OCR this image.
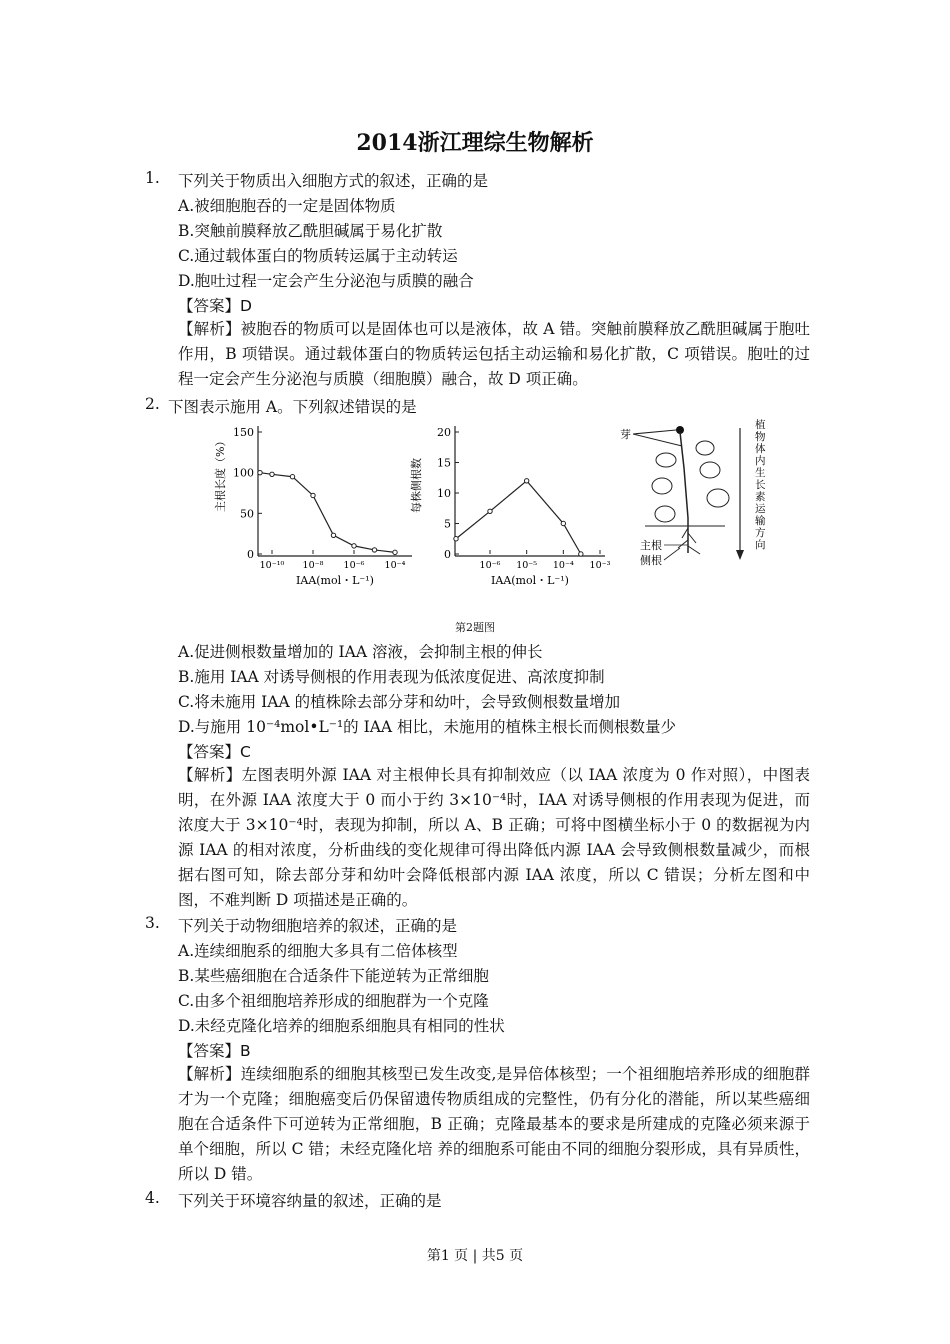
2014浙江理综生物解析
1. 下列关于物质出入细胞方式的叙述，正确的是
A.被细胞胞吞的一定是固体物质
B.突触前膜释放乙酰胆碱属于易化扩散
C.通过载体蛋白的物质转运属于主动转运
D.胞吐过程一定会产生分泌泡与质膜的融合
【答案】D
【解析】被胞吞的物质可以是固体也可以是液体，故 A 错。突触前膜释放乙酰胆碱属于胞吐作用，B 项错误。通过载体蛋白的物质转运包括主动运输和易化扩散，C 项错误。胞吐的过程一定会产生分泌泡与质膜（细胞膜）融合，故 D 项正确。
2. 下图表示施用 A。下列叙述错误的是
主根长度（%）
0
50
100
150
10⁻¹⁰ 10⁻⁸ 10⁻⁶ 10⁻⁴
IAA(mol・L⁻¹)
每株侧根数
0
5
10
15
20
10⁻⁶ 10⁻⁵ 10⁻⁴ 10⁻³
IAA(mol・L⁻¹)
芽
主根
侧根
植物体内生长素运输方向
第2题图
A.促进侧根数量增加的 IAA 溶液，会抑制主根的伸长
B.施用 IAA 对诱导侧根的作用表现为低浓度促进、高浓度抑制
C.将未施用 IAA 的植株除去部分芽和幼叶，会导致侧根数量增加
D.与施用 10⁻⁴mol•L⁻¹的 IAA 相比，未施用的植株主根长而侧根数量少
【答案】C
【解析】左图表明外源 IAA 对主根伸长具有抑制效应（以 IAA 浓度为 0 作对照），中图表明，在外源 IAA 浓度大于 0 而小于约 3×10⁻⁴时，IAA 对诱导侧根的作用表现为促进，而浓度大于 3×10⁻⁴时，表现为抑制，所以 A、B 正确；可将中图横坐标小于 0 的数据视为内源 IAA 的相对浓度，分析曲线的变化规律可得出降低内源 IAA 会导致侧根数量减少，而根据右图可知，除去部分芽和幼叶会降低根部内源 IAA 浓度，所以 C 错误；分析左图和中图，不难判断 D 项描述是正确的。
3. 下列关于动物细胞培养的叙述，正确的是
A.连续细胞系的细胞大多具有二倍体核型
B.某些癌细胞在合适条件下能逆转为正常细胞
C.由多个祖细胞培养形成的细胞群为一个克隆
D.未经克隆化培养的细胞系细胞具有相同的性状
【答案】B
【解析】连续细胞系的细胞其核型已发生改变,是异倍体核型；一个祖细胞培养形成的细胞群才为一个克隆；细胞癌变后仍保留遗传物质组成的完整性，仍有分化的潜能，所以某些癌细胞在合适条件下可逆转为正常细胞，B 正确；克隆最基本的要求是所建成的克隆必须来源于单个细胞，所以 C 错；未经克隆化培 养的细胞系可能由不同的细胞分裂形成，具有异质性，所以 D 错。
4. 下列关于环境容纳量的叙述，正确的是
第1 页 | 共5 页
